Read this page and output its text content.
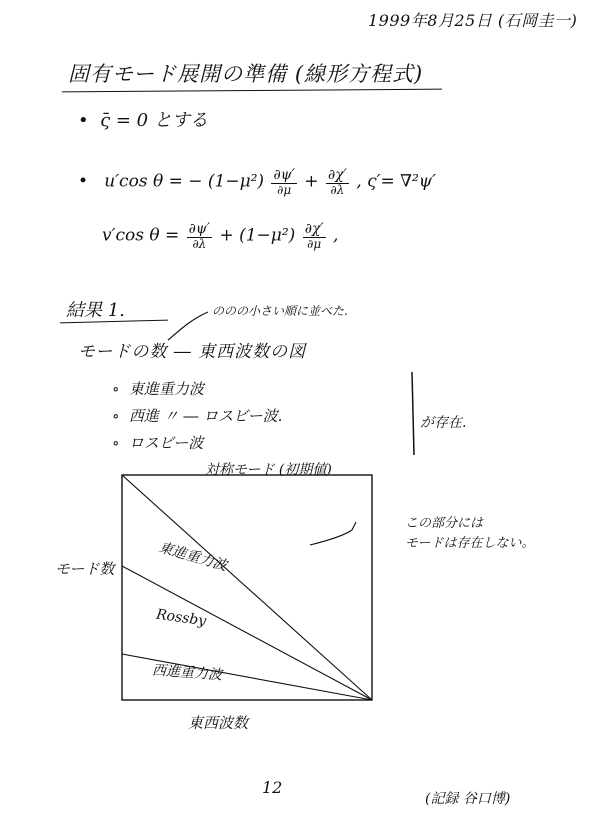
1999年8月25日 (石岡圭一)
固有モード展開の準備 (線形方程式)
•  ς̄ = 0 とする
•   u′cos θ = − $(1-\mu^2) \frac{\partial\psi'}{\partial\mu} + \frac{\partial\chi'}{\partial\lambda}$ , ς′= ∇²ψ′
v′cos $\theta = \frac{\partial\psi'}{\partial\lambda} + (1-\mu^2) \frac{\partial\chi'}{\partial\mu}$ ,
結果 1.	ののの小さい順に並べた.
モードの数 ― 東西波数の図
∘  東進重力波
∘  西進 〃 ― ロスビー波.
∘  ロスビー波
が存在.
対称モード (初期値)
モード数
東西波数
この部分には
モードは存在しない。
東進重力波
Rossby
西進重力波
12
(記録 谷口博)
